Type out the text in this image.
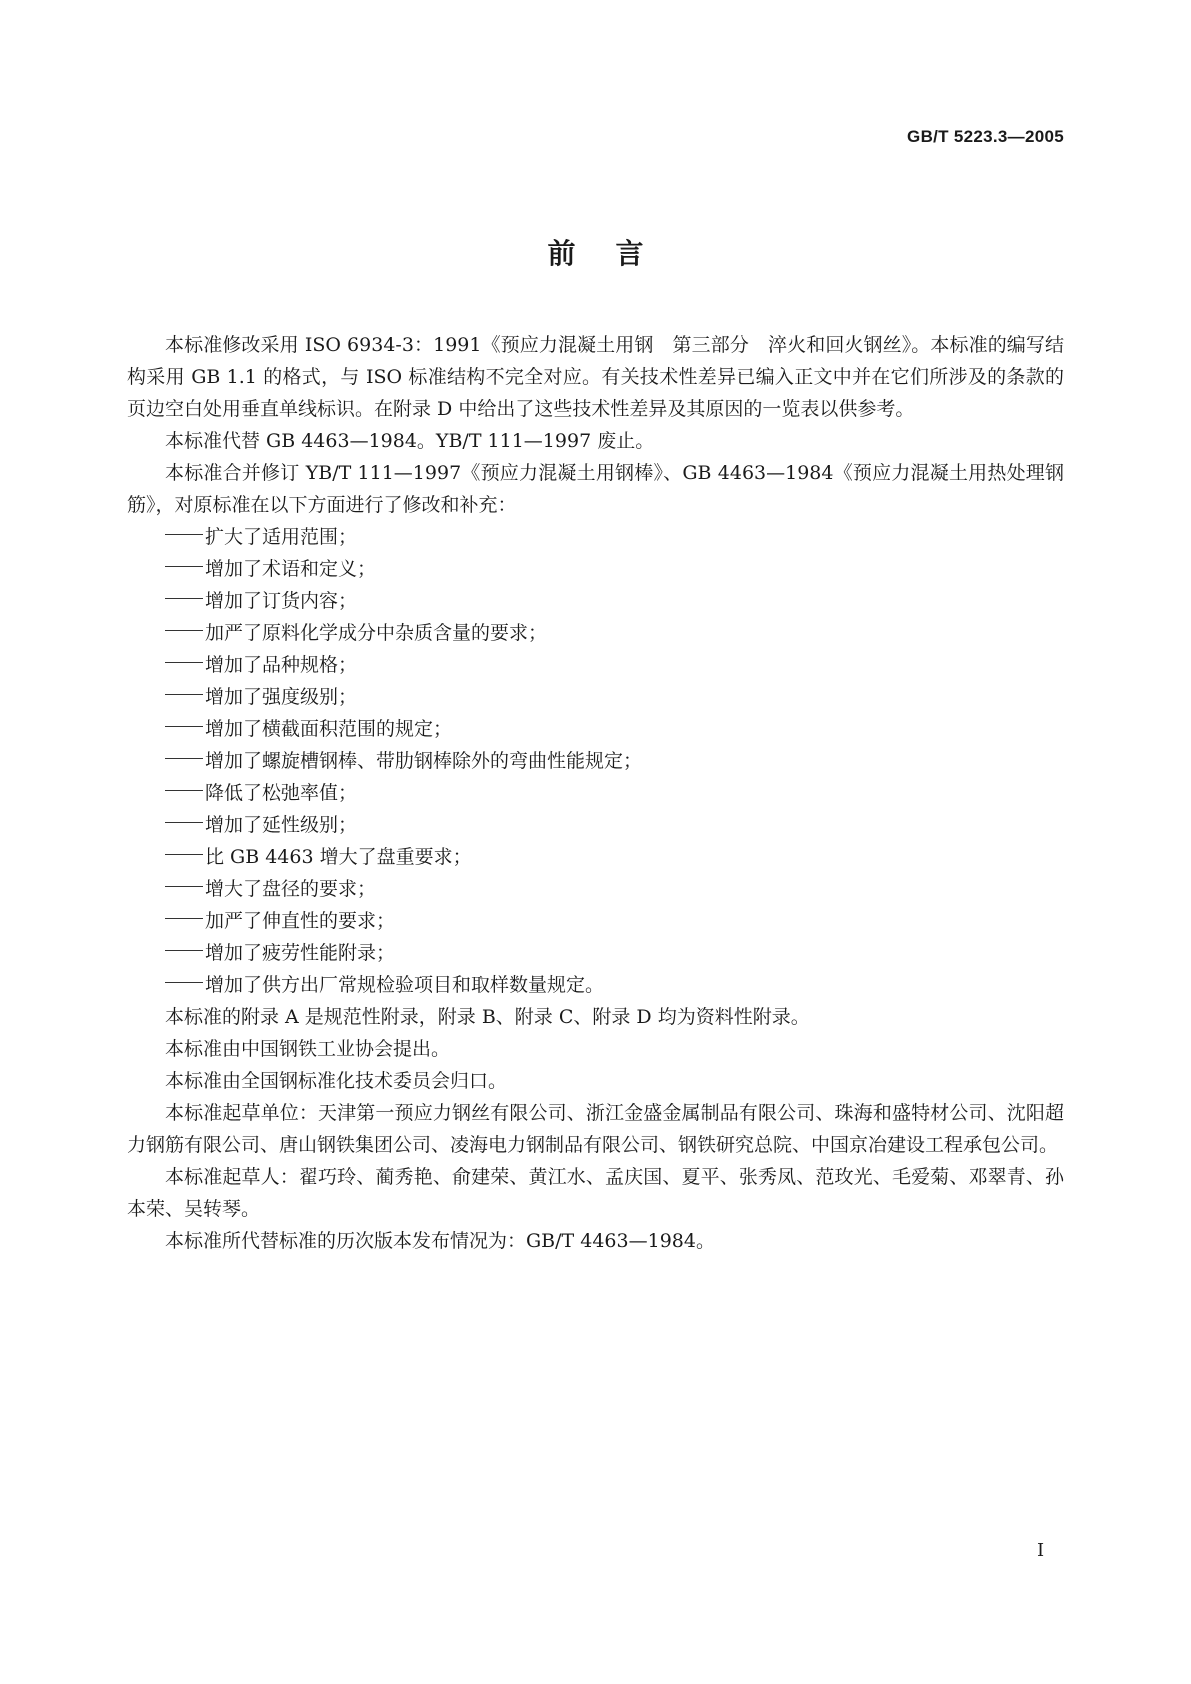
GB/T 5223.3—2005
前言

本标准修改采用 ISO 6934-3：1991《预应力混凝土用钢　第三部分　淬火和回火钢丝》。本标准的编写结构采用 GB 1.1 的格式，与 ISO 标准结构不完全对应。有关技术性差异已编入正文中并在它们所涉及的条款的页边空白处用垂直单线标识。在附录 D 中给出了这些技术性差异及其原因的一览表以供参考。

本标准代替 GB 4463—1984。YB/T 111—1997 废止。

本标准合并修订 YB/T 111—1997《预应力混凝土用钢棒》、GB 4463—1984《预应力混凝土用热处理钢筋》，对原标准在以下方面进行了修改和补充：

扩大了适用范围；
增加了术语和定义；
增加了订货内容；
加严了原料化学成分中杂质含量的要求；
增加了品种规格；
增加了强度级别；
增加了横截面积范围的规定；
增加了螺旋槽钢棒、带肋钢棒除外的弯曲性能规定；
降低了松弛率值；
增加了延性级别；
比 GB 4463 增大了盘重要求；
增大了盘径的要求；
加严了伸直性的要求；
增加了疲劳性能附录；
增加了供方出厂常规检验项目和取样数量规定。

本标准的附录 A 是规范性附录，附录 B、附录 C、附录 D 均为资料性附录。

本标准由中国钢铁工业协会提出。

本标准由全国钢标准化技术委员会归口。

本标准起草单位：天津第一预应力钢丝有限公司、浙江金盛金属制品有限公司、珠海和盛特材公司、沈阳超力钢筋有限公司、唐山钢铁集团公司、凌海电力钢制品有限公司、钢铁研究总院、中国京冶建设工程承包公司。

本标准起草人：翟巧玲、蔺秀艳、俞建荣、黄江水、孟庆国、夏平、张秀凤、范玫光、毛爱菊、邓翠青、孙本荣、吴转琴。

本标准所代替标准的历次版本发布情况为：GB/T 4463—1984。

I
